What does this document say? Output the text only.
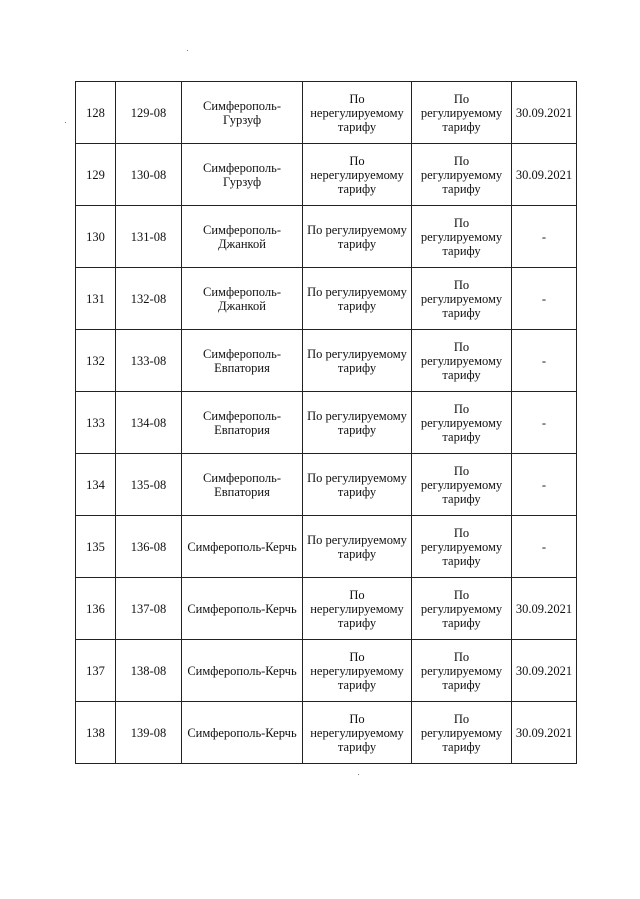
128	129-08	Симферополь-Гурзуф	По нерегулируемому тарифу	По регулируемому тарифу	30.09.2021
129	130-08	Симферополь-Гурзуф	По нерегулируемому тарифу	По регулируемому тарифу	30.09.2021
130	131-08	Симферополь-Джанкой	По регулируемому тарифу	По регулируемому тарифу	-
131	132-08	Симферополь-Джанкой	По регулируемому тарифу	По регулируемому тарифу	-
132	133-08	Симферополь-Евпатория	По регулируемому тарифу	По регулируемому тарифу	-
133	134-08	Симферополь-Евпатория	По регулируемому тарифу	По регулируемому тарифу	-
134	135-08	Симферополь-Евпатория	По регулируемому тарифу	По регулируемому тарифу	-
135	136-08	Симферополь-Керчь	По регулируемому тарифу	По регулируемому тарифу	-
136	137-08	Симферополь-Керчь	По нерегулируемому тарифу	По регулируемому тарифу	30.09.2021
137	138-08	Симферополь-Керчь	По нерегулируемому тарифу	По регулируемому тарифу	30.09.2021
138	139-08	Симферополь-Керчь	По нерегулируемому тарифу	По регулируемому тарифу	30.09.2021
